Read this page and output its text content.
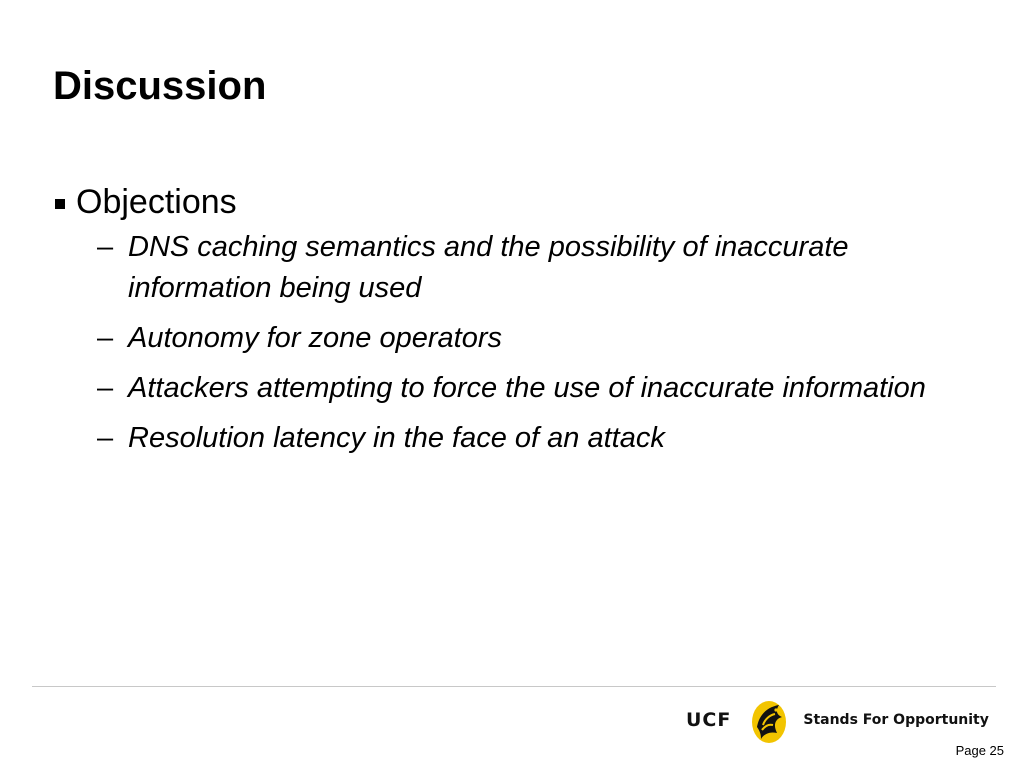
Discussion
Objections
– DNS caching semantics and the possibility of inaccurate information being used
– Autonomy for zone operators
– Attackers attempting to force the use of inaccurate information
– Resolution latency in the face of an attack
UCF	Stands For Opportunity
Page 25
